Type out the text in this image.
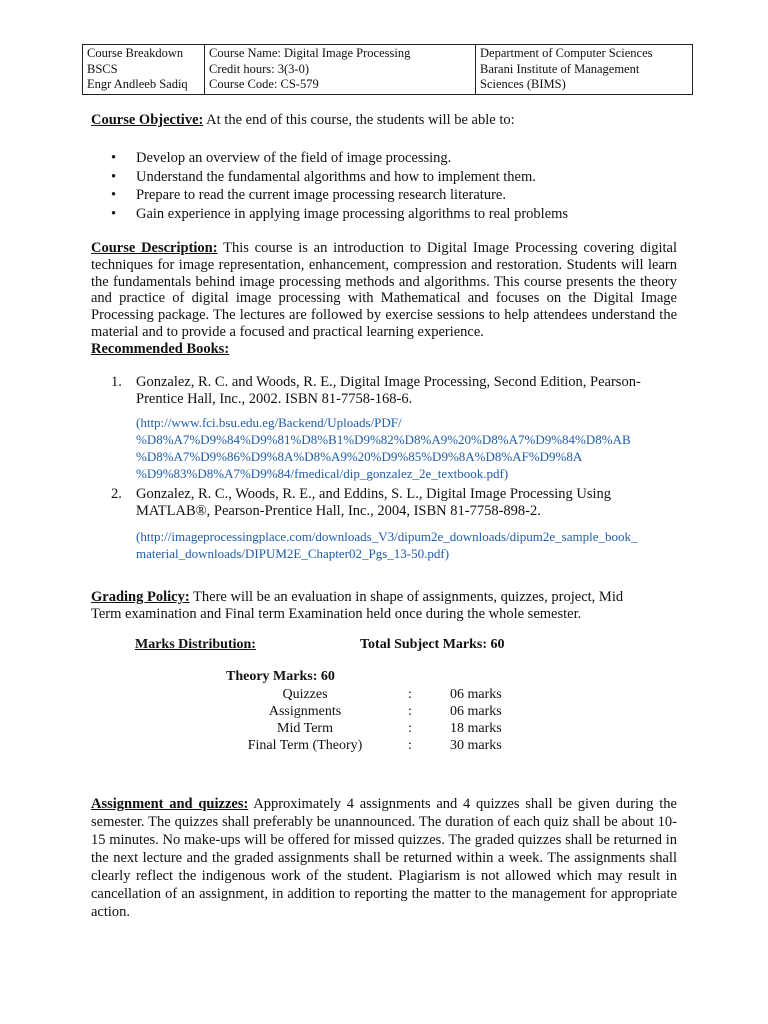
Course Breakdown
BSCS
Engr Andleeb Sadiq

Course Name: Digital Image Processing
Credit hours: 3(3-0)
Course Code: CS-579

Department of Computer Sciences
Barani Institute of Management
Sciences (BIMS)
Course Objective: At the end of this course, the students will be able to:
• Develop an overview of the field of image processing.
• Understand the fundamental algorithms and how to implement them.
• Prepare to read the current image processing research literature.
• Gain experience in applying image processing algorithms to real problems
Course Description: This course is an introduction to Digital Image Processing covering digital techniques for image representation, enhancement, compression and restoration. Students will learn the fundamentals behind image processing methods and algorithms. This course presents the theory and practice of digital image processing with Mathematical and focuses on the Digital Image Processing package. The lectures are followed by exercise sessions to help attendees understand the material and to provide a focused and practical learning experience.
Recommended Books:
1. Gonzalez, R. C. and Woods, R. E., Digital Image Processing, Second Edition, Pearson-Prentice Hall, Inc., 2002. ISBN 81-7758-168-6.
(http://www.fci.bsu.edu.eg/Backend/Uploads/PDF/
%D8%A7%D9%84%D9%81%D8%B1%D9%82%D8%A9%20%D8%A7%D9%84%D8%AB
%D8%A7%D9%86%D9%8A%D8%A9%20%D9%85%D9%8A%D8%AF%D9%8A
%D9%83%D8%A7%D9%84/fmedical/dip_gonzalez_2e_textbook.pdf)
2. Gonzalez, R. C., Woods, R. E., and Eddins, S. L., Digital Image Processing Using MATLAB®, Pearson-Prentice Hall, Inc., 2004, ISBN 81-7758-898-2.
(http://imageprocessingplace.com/downloads_V3/dipum2e_downloads/dipum2e_sample_book_
material_downloads/DIPUM2E_Chapter02_Pgs_13-50.pdf)
Grading Policy: There will be an evaluation in shape of assignments, quizzes, project, Mid Term examination and Final term Examination held once during the whole semester.
Marks Distribution:	Total Subject Marks: 60
Theory Marks: 60
Quizzes	:	06 marks
Assignments	:	06 marks
Mid Term	:	18 marks
Final Term (Theory)	:	30 marks
Assignment and quizzes: Approximately 4 assignments and 4 quizzes shall be given during the semester. The quizzes shall preferably be unannounced. The duration of each quiz shall be about 10-15 minutes. No make-ups will be offered for missed quizzes. The graded quizzes shall be returned in the next lecture and the graded assignments shall be returned within a week. The assignments shall clearly reflect the indigenous work of the student. Plagiarism is not allowed which may result in cancellation of an assignment, in addition to reporting the matter to the management for appropriate action.
